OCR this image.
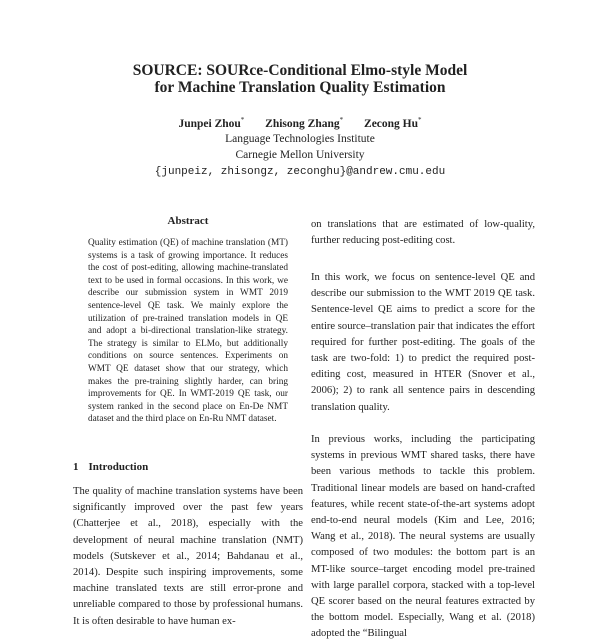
SOURCE: SOURce-Conditional Elmo-style Model
for Machine Translation Quality Estimation
Junpei Zhou* Zhisong Zhang* Zecong Hu*
Language Technologies Institute
Carnegie Mellon University
{junpeiz, zhisongz, zeconghu}@andrew.cmu.edu
Abstract
Quality estimation (QE) of machine translation (MT) systems is a task of growing importance. It reduces the cost of post-editing, allowing machine-translated text to be used in formal occasions. In this work, we describe our submission system in WMT 2019 sentence-level QE task. We mainly explore the utilization of pre-trained translation models in QE and adopt a bi-directional translation-like strategy. The strategy is similar to ELMo, but additionally conditions on source sentences. Experiments on WMT QE dataset show that our strategy, which makes the pre-training slightly harder, can bring improvements for QE. In WMT-2019 QE task, our system ranked in the second place on En-De NMT dataset and the third place on En-Ru NMT dataset.
1 Introduction
The quality of machine translation systems have been significantly improved over the past few years (Chatterjee et al., 2018), especially with the development of neural machine translation (NMT) models (Sutskever et al., 2014; Bahdanau et al., 2014). Despite such inspiring improvements, some machine translated texts are still error-prone and unreliable compared to those by professional humans. It is often desirable to have human ex-
on translations that are estimated of low-quality, further reducing post-editing cost.
In this work, we focus on sentence-level QE and describe our submission to the WMT 2019 QE task. Sentence-level QE aims to predict a score for the entire source–translation pair that indicates the effort required for further post-editing. The goals of the task are two-fold: 1) to predict the required post-editing cost, measured in HTER (Snover et al., 2006); 2) to rank all sentence pairs in descending translation quality.
In previous works, including the participating systems in previous WMT shared tasks, there have been various methods to tackle this problem. Traditional linear models are based on hand-crafted features, while recent state-of-the-art systems adopt end-to-end neural models (Kim and Lee, 2016; Wang et al., 2018). The neural systems are usually composed of two modules: the bottom part is an MT-like source–target encoding model pre-trained with large parallel corpora, stacked with a top-level QE scorer based on the neural features extracted by the bottom model. Especially, Wang et al. (2018) adopted the “Bilingual
